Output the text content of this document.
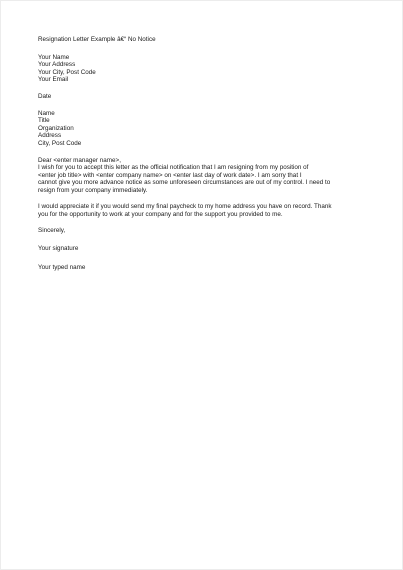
Resignation Letter Example â€“ No Notice
Your Name
Your Address
Your City, Post Code
Your Email
Date
Name
Title
Organization
Address
City, Post Code
Dear <enter manager name>,
I wish for you to accept this letter as the official notification that I am resigning from my position of
<enter job title> with <enter company name> on <enter last day of work date>. I am sorry that I
cannot give you more advance notice as some unforeseen circumstances are out of my control. I need to
resign from your company immediately.
I would appreciate it if you would send my final paycheck to my home address you have on record. Thank
you for the opportunity to work at your company and for the support you provided to me.
Sincerely,
Your signature
Your typed name
